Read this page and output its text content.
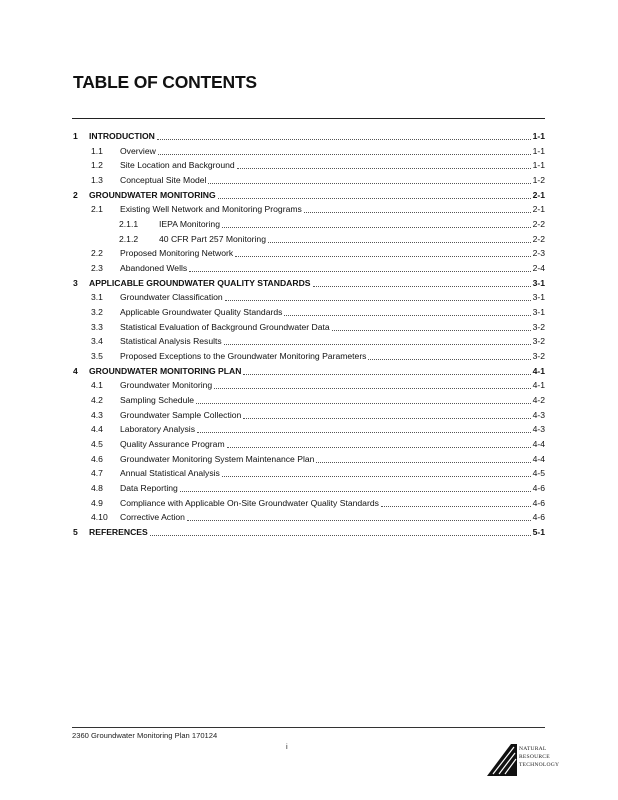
TABLE OF CONTENTS
1 INTRODUCTION	1-1
1.1 Overview	1-1
1.2 Site Location and Background	1-1
1.3 Conceptual Site Model	1-2
2 GROUNDWATER MONITORING	2-1
2.1 Existing Well Network and Monitoring Programs	2-1
2.1.1 IEPA Monitoring	2-2
2.1.2 40 CFR Part 257 Monitoring	2-2
2.2 Proposed Monitoring Network	2-3
2.3 Abandoned Wells	2-4
3 APPLICABLE GROUNDWATER QUALITY STANDARDS	3-1
3.1 Groundwater Classification	3-1
3.2 Applicable Groundwater Quality Standards	3-1
3.3 Statistical Evaluation of Background Groundwater Data	3-2
3.4 Statistical Analysis Results	3-2
3.5 Proposed Exceptions to the Groundwater Monitoring Parameters	3-2
4 GROUNDWATER MONITORING PLAN	4-1
4.1 Groundwater Monitoring	4-1
4.2 Sampling Schedule	4-2
4.3 Groundwater Sample Collection	4-3
4.4 Laboratory Analysis	4-3
4.5 Quality Assurance Program	4-4
4.6 Groundwater Monitoring System Maintenance Plan	4-4
4.7 Annual Statistical Analysis	4-5
4.8 Data Reporting	4-6
4.9 Compliance with Applicable On-Site Groundwater Quality Standards	4-6
4.10 Corrective Action	4-6
5 REFERENCES	5-1
2360 Groundwater Monitoring Plan 170124
i	NATURAL
RESOURCE
TECHNOLOGY
